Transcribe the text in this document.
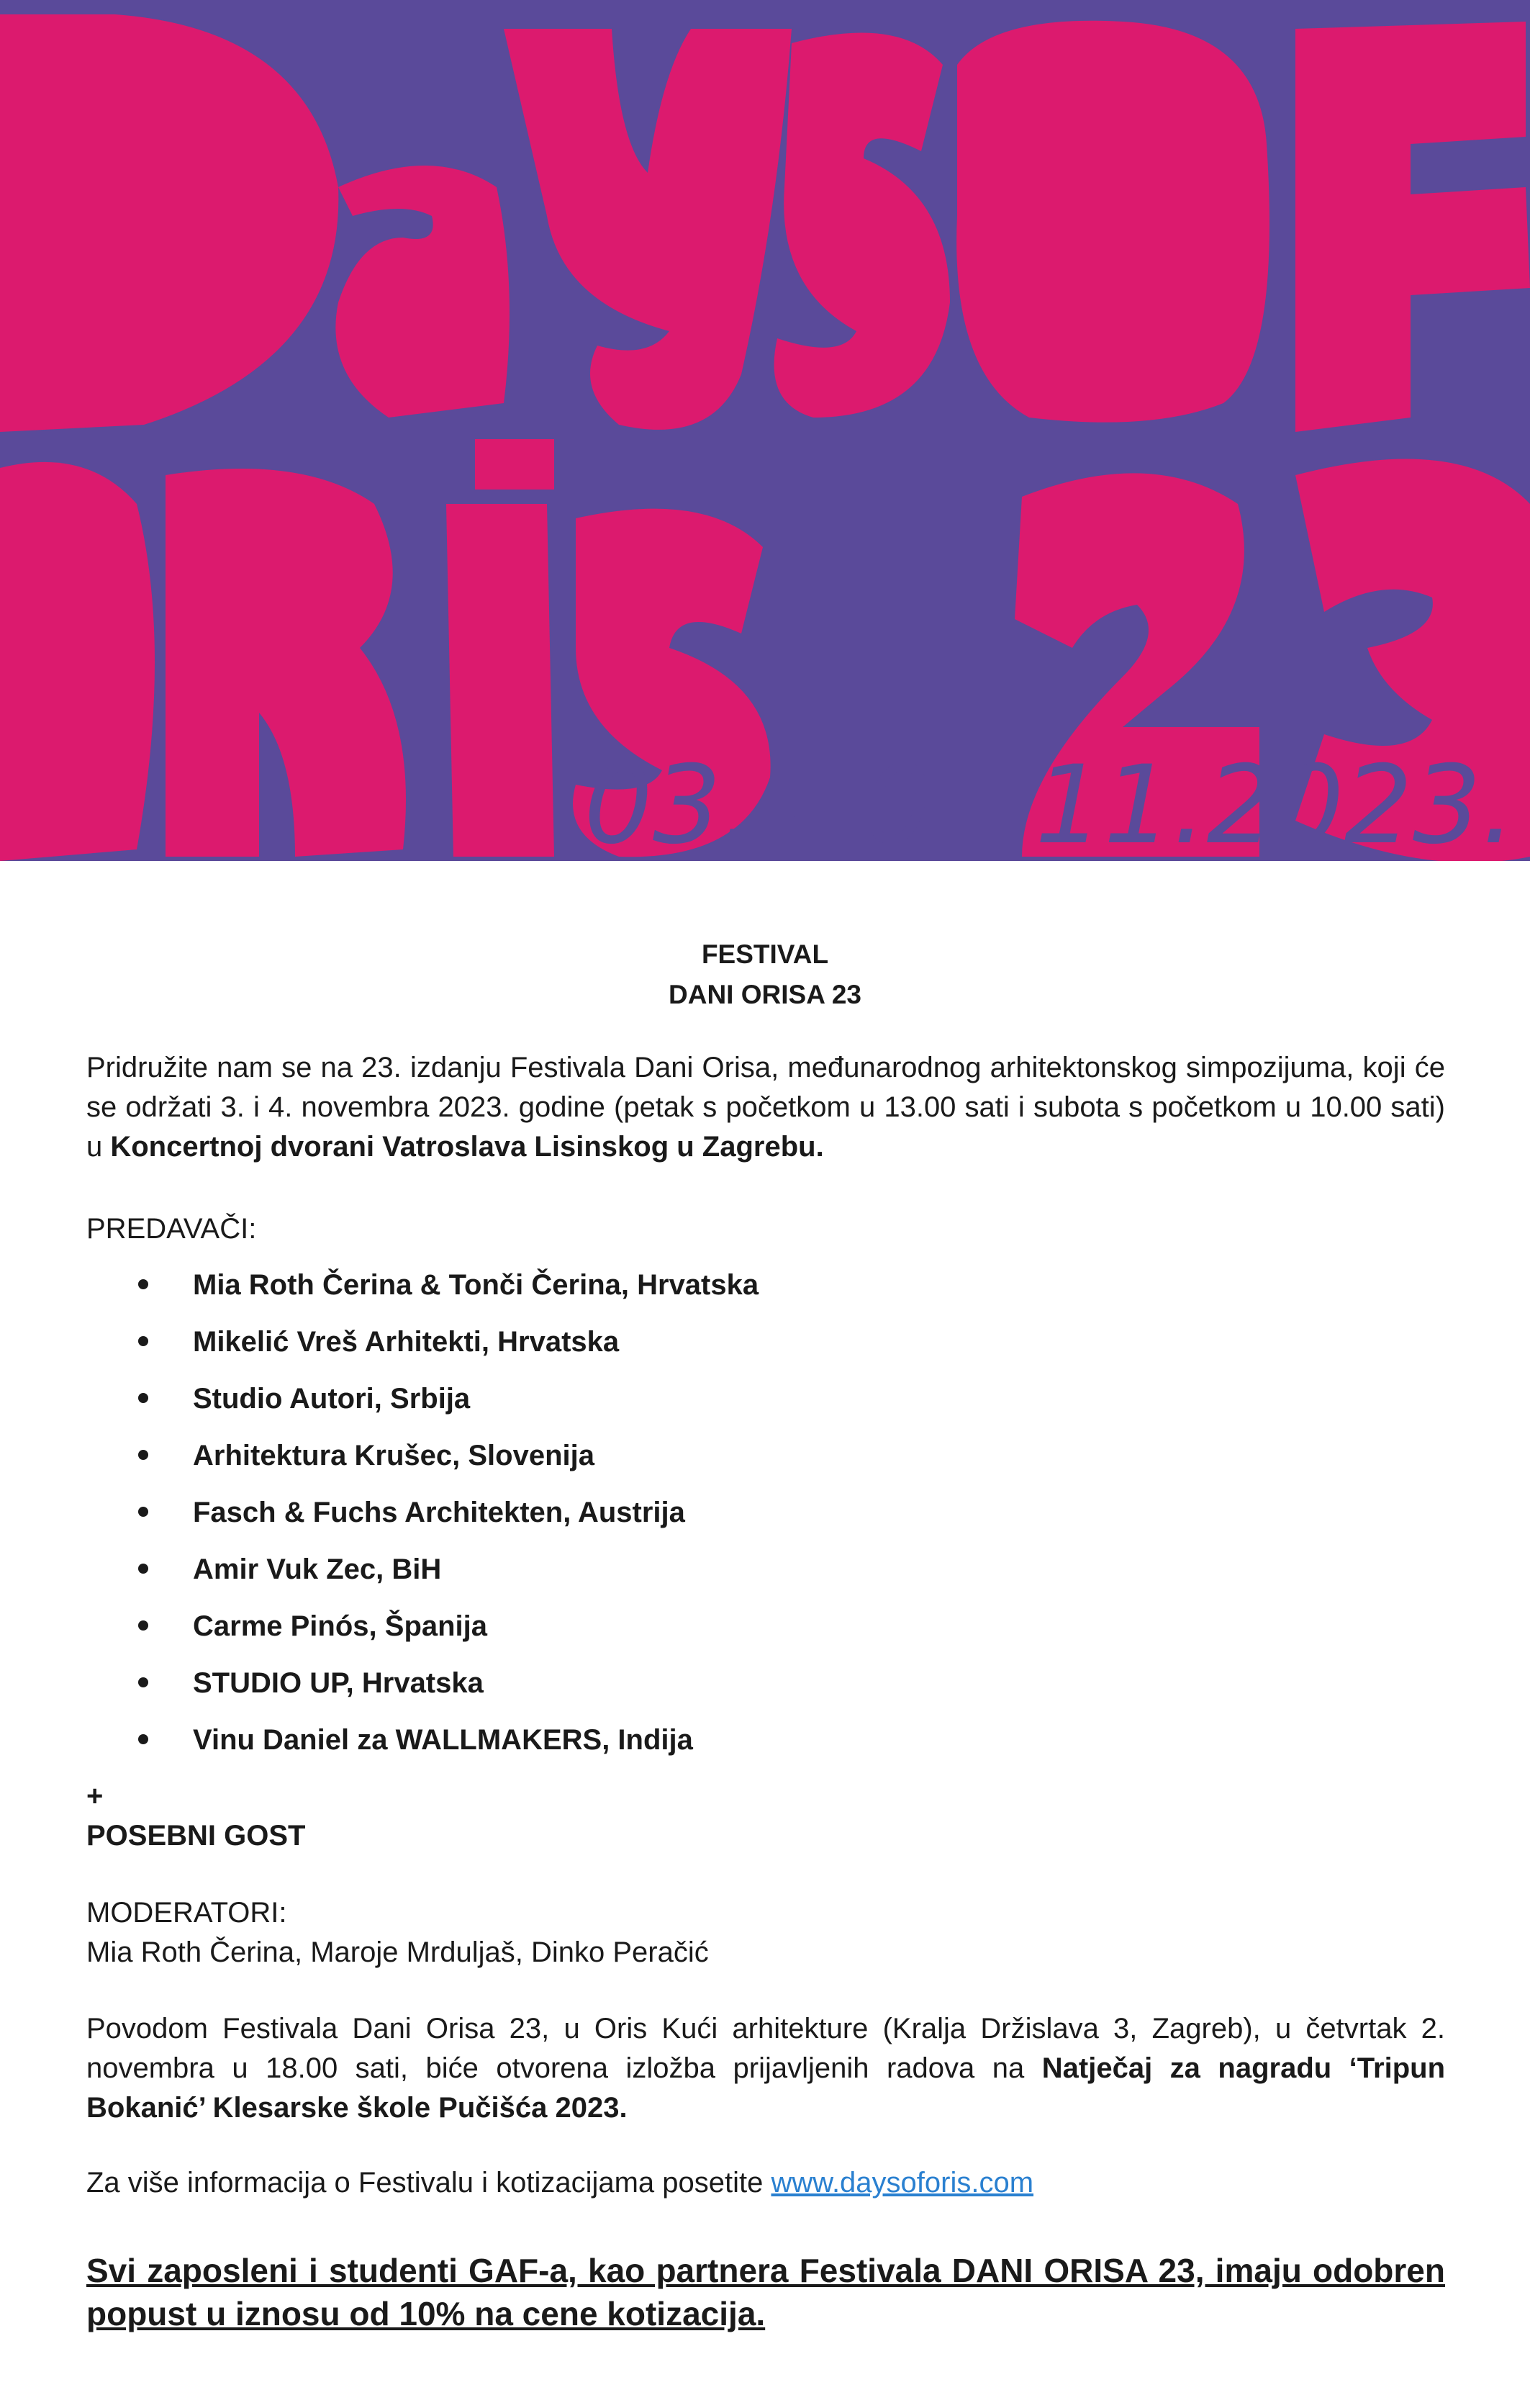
03. - 04.11.2023.
FESTIVAL
DANI ORISA 23
Pridružite nam se na 23. izdanju Festivala Dani Orisa, međunarodnog arhitektonskog simpozijuma, koji će se održati 3. i 4. novembra 2023. godine (petak s početkom u 13.00 sati i subota s početkom u 10.00 sati) u Koncertnoj dvorani Vatroslava Lisinskog u Zagrebu.
PREDAVAČI:
Mia Roth Čerina & Tonči Čerina, Hrvatska
Mikelić Vreš Arhitekti, Hrvatska
Studio Autori, Srbija
Arhitektura Krušec, Slovenija
Fasch & Fuchs Architekten, Austrija
Amir Vuk Zec, BiH
Carme Pinós, Španija
STUDIO UP, Hrvatska
Vinu Daniel za WALLMAKERS, Indija
+
POSEBNI GOST
MODERATORI:
Mia Roth Čerina, Maroje Mrduljaš, Dinko Peračić
Povodom Festivala Dani Orisa 23, u Oris Kući arhitekture (Kralja Držislava 3, Zagreb), u četvrtak 2. novembra u 18.00 sati, biće otvorena izložba prijavljenih radova na Natječaj za nagradu ‘Tripun Bokanić’ Klesarske škole Pučišća 2023.
Za više informacija o Festivalu i kotizacijama posetite www.daysoforis.com
Svi zaposleni i studenti GAF-a, kao partnera Festivala DANI ORISA 23, imaju odobren popust u iznosu od 10% na cene kotizacija.
